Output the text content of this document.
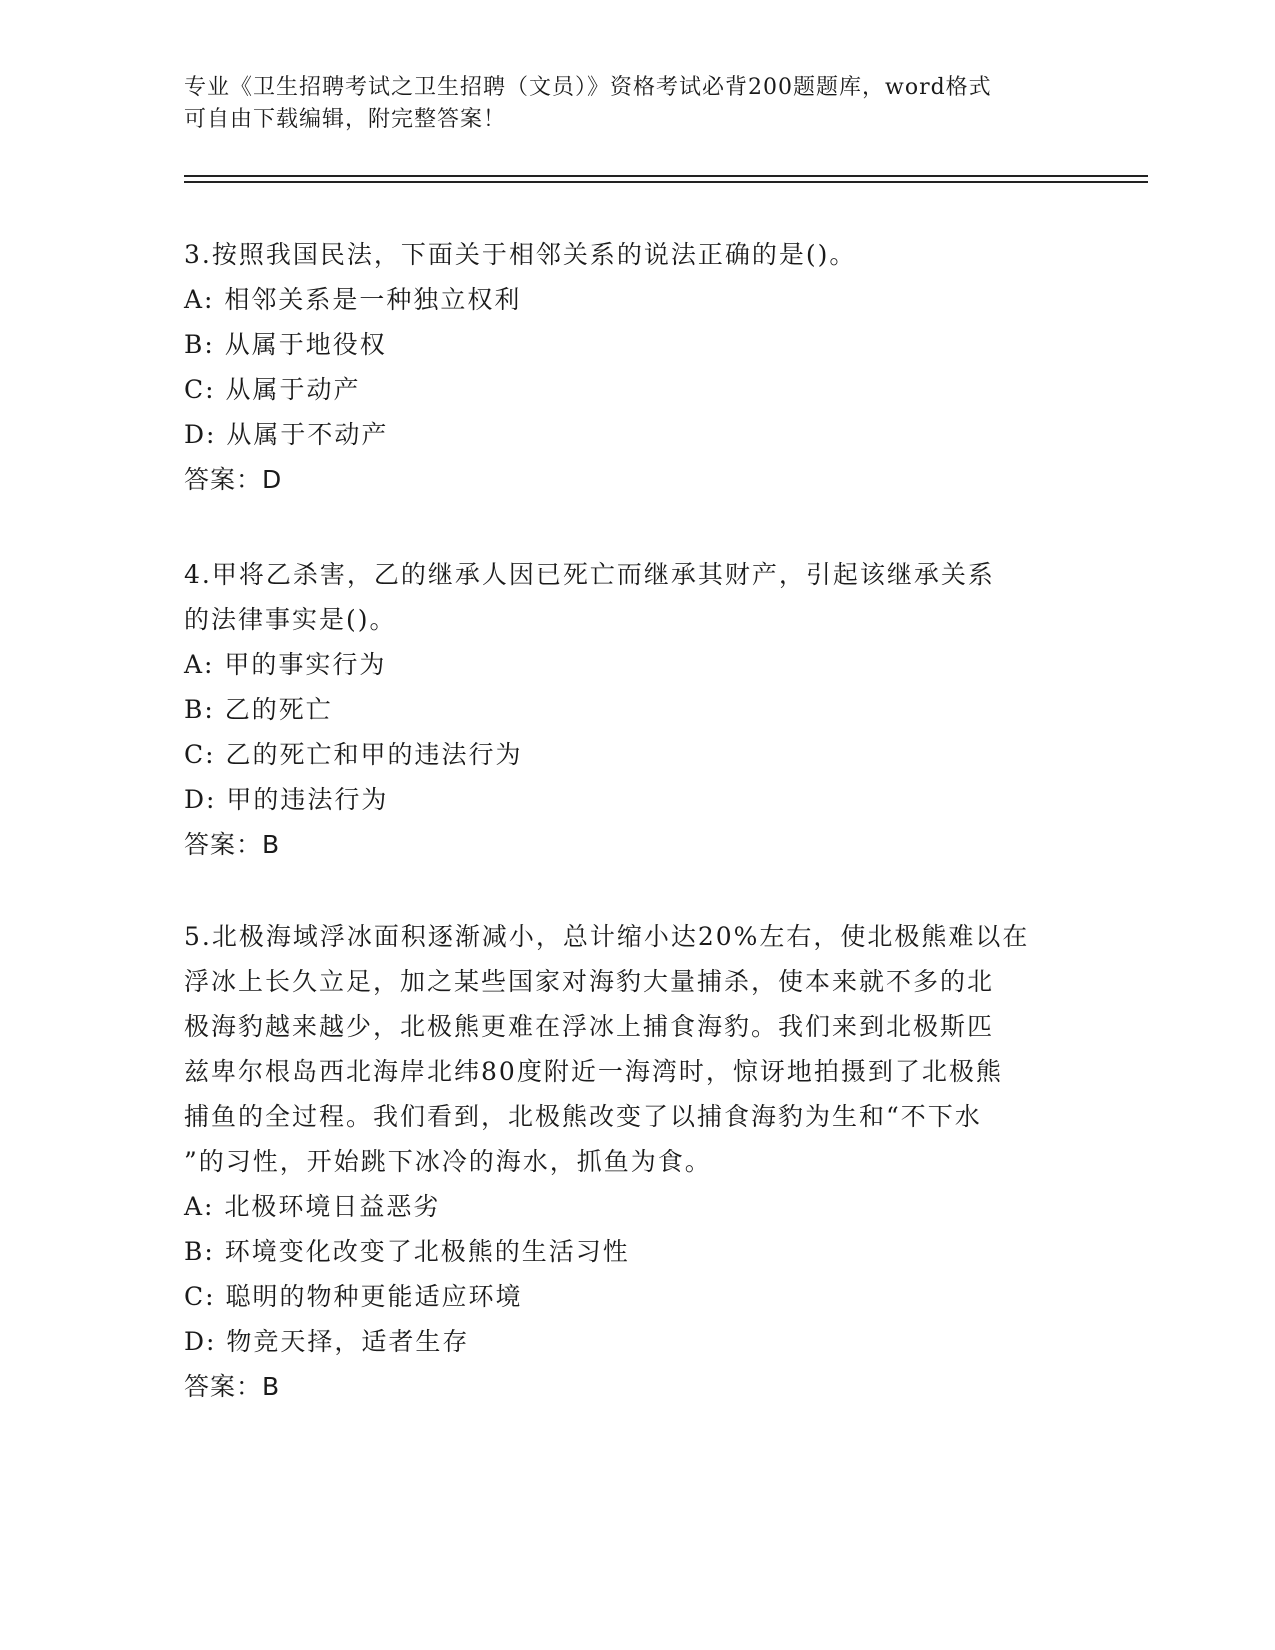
专业《卫生招聘考试之卫生招聘（文员）》资格考试必背200题题库，word格式
可自由下载编辑，附完整答案！
3.按照我国民法，下面关于相邻关系的说法正确的是()。
A: 相邻关系是一种独立权利
B: 从属于地役权
C: 从属于动产
D: 从属于不动产
答案：D
4.甲将乙杀害，乙的继承人因已死亡而继承其财产，引起该继承关系
的法律事实是()。
A: 甲的事实行为
B: 乙的死亡
C: 乙的死亡和甲的违法行为
D: 甲的违法行为
答案：B
5.北极海域浮冰面积逐渐减小，总计缩小达20%左右，使北极熊难以在
浮冰上长久立足，加之某些国家对海豹大量捕杀，使本来就不多的北
极海豹越来越少，北极熊更难在浮冰上捕食海豹。我们来到北极斯匹
兹卑尔根岛西北海岸北纬80度附近一海湾时，惊讶地拍摄到了北极熊
捕鱼的全过程。我们看到，北极熊改变了以捕食海豹为生和“不下水
”的习性，开始跳下冰冷的海水，抓鱼为食。
A: 北极环境日益恶劣
B: 环境变化改变了北极熊的生活习性
C: 聪明的物种更能适应环境
D: 物竞天择，适者生存
答案：B
